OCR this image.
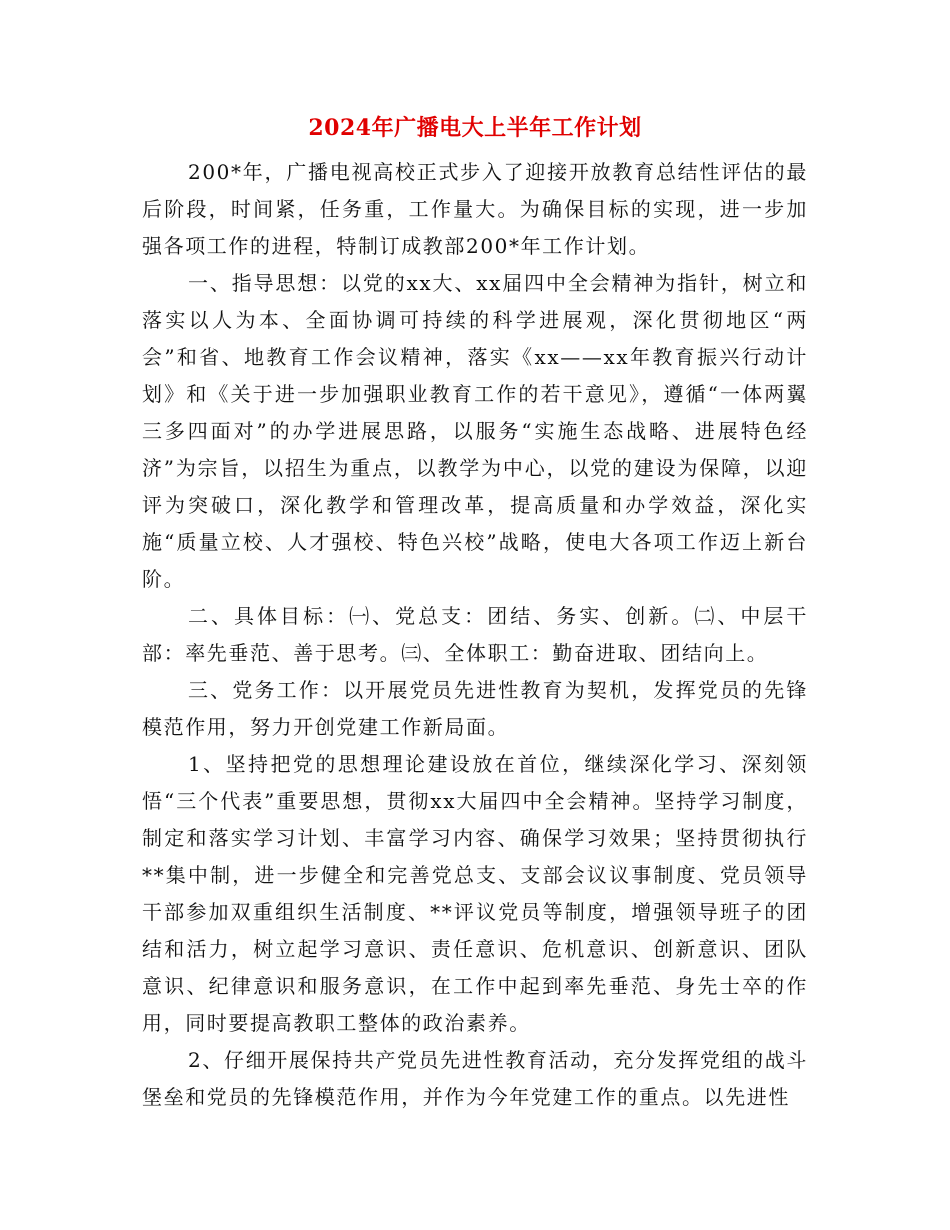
2024年广播电大上半年工作计划

200*年，广播电视高校正式步入了迎接开放教育总结性评估的最后阶段，时间紧，任务重，工作量大。为确保目标的实现，进一步加强各项工作的进程，特制订成教部200*年工作计划。

一、指导思想：以党的xx大、xx届四中全会精神为指针，树立和落实以人为本、全面协调可持续的科学进展观，深化贯彻地区“两会”和省、地教育工作会议精神，落实《xx——xx年教育振兴行动计划》和《关于进一步加强职业教育工作的若干意见》，遵循“一体两翼三多四面对”的办学进展思路，以服务“实施生态战略、进展特色经济”为宗旨，以招生为重点，以教学为中心，以党的建设为保障，以迎评为突破口，深化教学和管理改革，提高质量和办学效益，深化实施“质量立校、人才强校、特色兴校”战略，使电大各项工作迈上新台阶。

二、具体目标：㈠、党总支：团结、务实、创新。㈡、中层干部：率先垂范、善于思考。㈢、全体职工：勤奋进取、团结向上。

三、党务工作：以开展党员先进性教育为契机，发挥党员的先锋模范作用，努力开创党建工作新局面。

1、坚持把党的思想理论建设放在首位，继续深化学习、深刻领悟“三个代表”重要思想，贯彻xx大届四中全会精神。坚持学习制度，制定和落实学习计划、丰富学习内容、确保学习效果；坚持贯彻执行**集中制，进一步健全和完善党总支、支部会议议事制度、党员领导干部参加双重组织生活制度、**评议党员等制度，增强领导班子的团结和活力，树立起学习意识、责任意识、危机意识、创新意识、团队意识、纪律意识和服务意识，在工作中起到率先垂范、身先士卒的作用，同时要提高教职工整体的政治素养。

2、仔细开展保持共产党员先进性教育活动，充分发挥党组的战斗堡垒和党员的先锋模范作用，并作为今年党建工作的重点。以先进性
